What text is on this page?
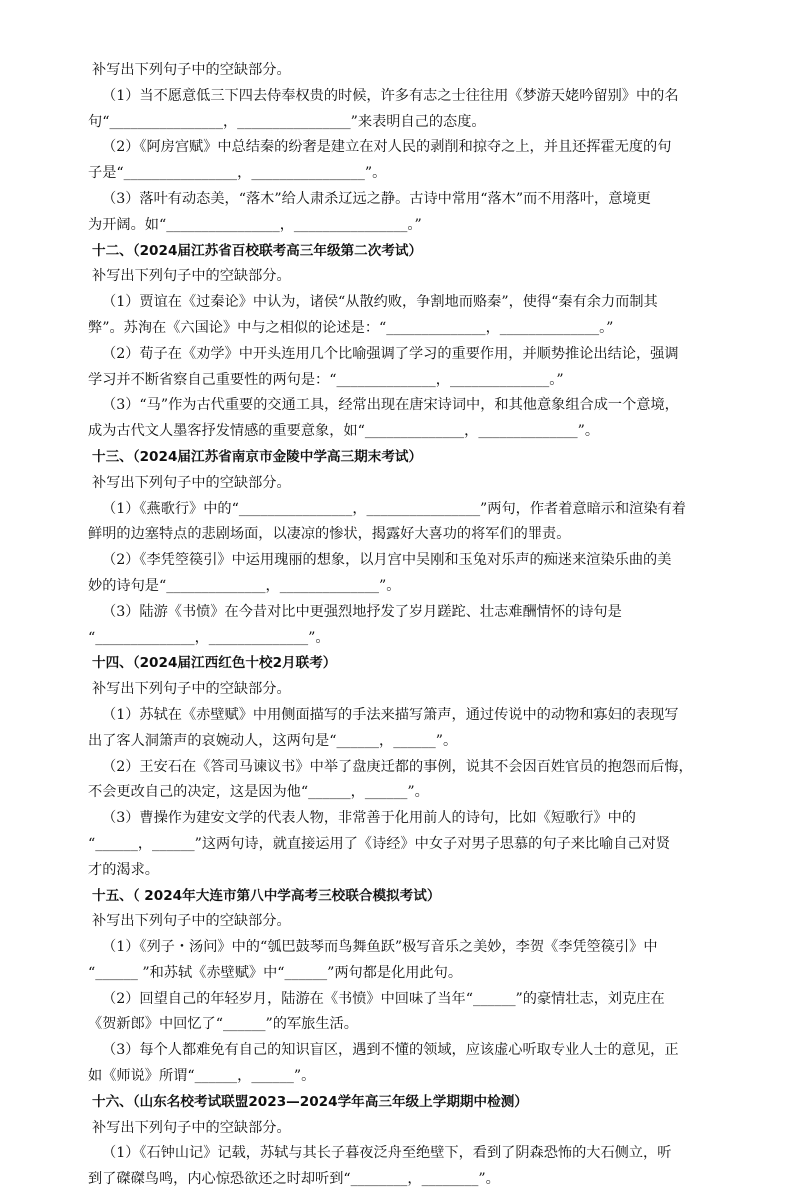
补写出下列句子中的空缺部分。
（1）当不愿意低三下四去侍奉权贵的时候，许多有志之士往往用《梦游天姥吟留别》中的名
句“________________，________________”来表明自己的态度。
（2）《阿房宫赋》中总结秦的纷奢是建立在对人民的剥削和掠夺之上，并且还挥霍无度的句
子是“________________，________________”。
（3）落叶有动态美，“落木”给人肃杀辽远之静。古诗中常用“落木”而不用落叶，意境更
为开阔。如“________________，________________。”
十二、（2024届江苏省百校联考高三年级第二次考试）
补写出下列句子中的空缺部分。
（1）贾谊在《过秦论》中认为，诸侯“从散约败，争割地而赂秦”，使得“秦有余力而制其
弊”。苏洵在《六国论》中与之相似的论述是：“______________，______________。”
（2）荀子在《劝学》中开头连用几个比喻强调了学习的重要作用，并顺势推论出结论，强调
学习并不断省察自己重要性的两句是：“______________，______________。”
（3）“马”作为古代重要的交通工具，经常出现在唐宋诗词中，和其他意象组合成一个意境，
成为古代文人墨客抒发情感的重要意象，如“______________，______________”。
十三、（2024届江苏省南京市金陵中学高三期末考试）
补写出下列句子中的空缺部分。
（1）《燕歌行》中的“________________，________________”两句，作者着意暗示和渲染有着
鲜明的边塞特点的悲剧场面，以凄凉的惨状，揭露好大喜功的将军们的罪责。
（2）《李凭箜篌引》中运用瑰丽的想象，以月宫中吴刚和玉兔对乐声的痴迷来渲染乐曲的美
妙的诗句是“______________，______________”。
（3）陆游《书愤》在今昔对比中更强烈地抒发了岁月蹉跎、壮志难酬情怀的诗句是
“______________，______________”。
十四、（2024届江西红色十校2月联考）
补写出下列句子中的空缺部分。
（1）苏轼在《赤壁赋》中用侧面描写的手法来描写箫声，通过传说中的动物和寡妇的表现写
出了客人洞箫声的哀婉动人，这两句是“______，______”。
（2）王安石在《答司马谏议书》中举了盘庚迁都的事例，说其不会因百姓官员的抱怨而后悔，
不会更改自己的决定，这是因为他“______，______”。
（3）曹操作为建安文学的代表人物，非常善于化用前人的诗句，比如《短歌行》中的
“______，______”这两句诗，就直接运用了《诗经》中女子对男子思慕的句子来比喻自己对贤
才的渴求。
十五、（ 2024年大连市第八中学高考三校联合模拟考试）
补写出下列句子中的空缺部分。
（1）《列子・汤问》中的“瓠巴鼓琴而鸟舞鱼跃”极写音乐之美妙，李贺《李凭箜篌引》中
“______ ”和苏轼《赤壁赋》中“______”两句都是化用此句。
（2）回望自己的年轻岁月，陆游在《书愤》中回味了当年“______”的豪情壮志，刘克庄在
《贺新郎》中回忆了“______”的军旅生活。
（3）每个人都难免有自己的知识盲区，遇到不懂的领域，应该虚心听取专业人士的意见，正
如《师说》所谓“______，______”。
十六、（山东名校考试联盟2023—2024学年高三年级上学期期中检测）
补写出下列句子中的空缺部分。
（1）《石钟山记》记载，苏轼与其长子暮夜泛舟至绝壁下，看到了阴森恐怖的大石侧立，听
到了磔磔鸟鸣，内心惊恐欲还之时却听到“________，________”。
